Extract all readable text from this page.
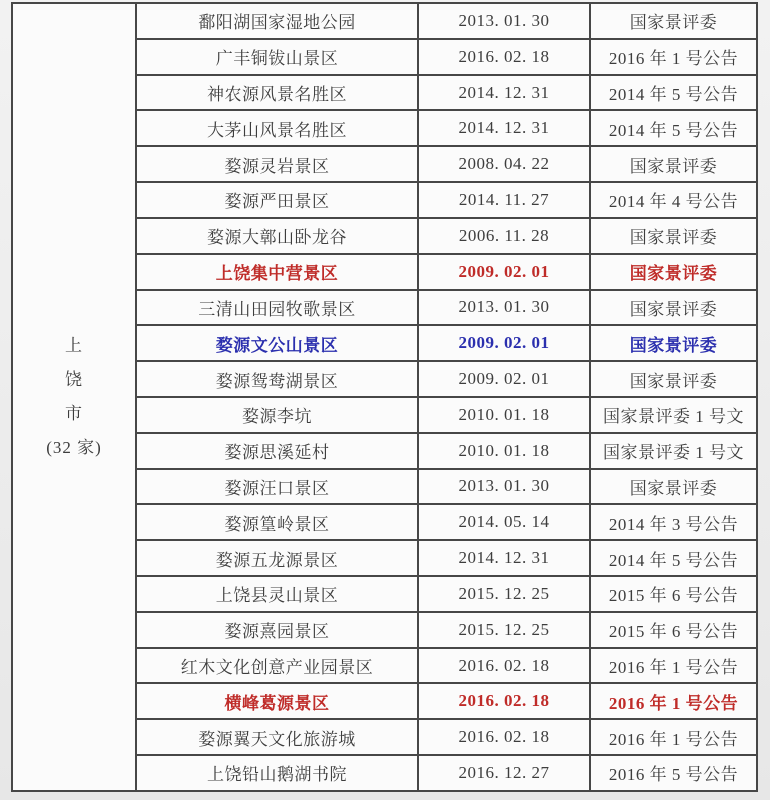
上
饶
市
(32 家)
鄱阳湖国家湿地公园	2013. 01. 30	国家景评委
广丰铜钹山景区	2016. 02. 18	2016 年 1 号公告
神农源风景名胜区	2014. 12. 31	2014 年 5 号公告
大茅山风景名胜区	2014. 12. 31	2014 年 5 号公告
婺源灵岩景区	2008. 04. 22	国家景评委
婺源严田景区	2014. 11. 27	2014 年 4 号公告
婺源大鄣山卧龙谷	2006. 11. 28	国家景评委
上饶集中营景区	2009. 02. 01	国家景评委
三清山田园牧歌景区	2013. 01. 30	国家景评委
婺源文公山景区	2009. 02. 01	国家景评委
婺源鸳鸯湖景区	2009. 02. 01	国家景评委
婺源李坑	2010. 01. 18	国家景评委 1 号文
婺源思溪延村	2010. 01. 18	国家景评委 1 号文
婺源汪口景区	2013. 01. 30	国家景评委
婺源篁岭景区	2014. 05. 14	2014 年 3 号公告
婺源五龙源景区	2014. 12. 31	2014 年 5 号公告
上饶县灵山景区	2015. 12. 25	2015 年 6 号公告
婺源熹园景区	2015. 12. 25	2015 年 6 号公告
红木文化创意产业园景区	2016. 02. 18	2016 年 1 号公告
横峰葛源景区	2016. 02. 18	2016 年 1 号公告
婺源翼天文化旅游城	2016. 02. 18	2016 年 1 号公告
上饶铅山鹅湖书院	2016. 12. 27	2016 年 5 号公告
